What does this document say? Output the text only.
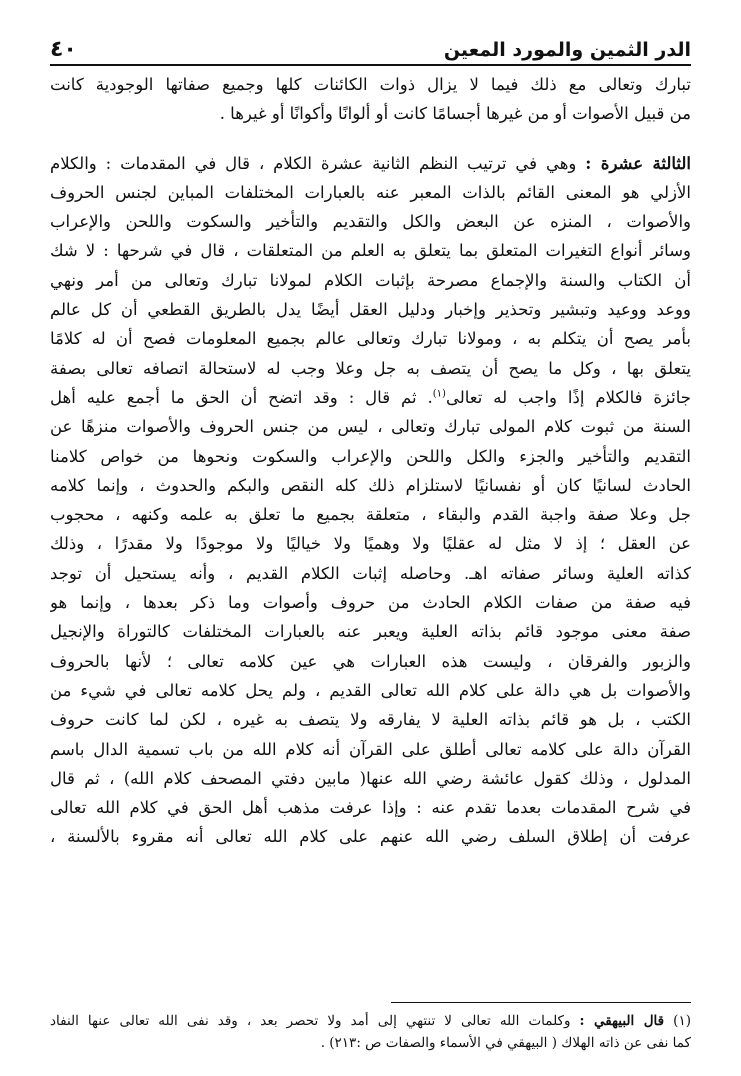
الدر الثمين والمورد المعين
٤٠

تبارك وتعالى مع ذلك فيما لا يزال ذوات الكائنات كلها وجميع صفاتها الوجودية كانت
من قبيل الأصوات أو من غيرها أجسامًا كانت أو ألوانًا وأكوانًا أو غيرها .

الثالثة عشرة : وهي في ترتيب النظم الثانية عشرة الكلام ، قال في المقدمات : والكلام
الأزلي هو المعنى القائم بالذات المعبر عنه بالعبارات المختلفات المباين لجنس الحروف
والأصوات ، المنزه عن البعض والكل والتقديم والتأخير والسكوت واللحن والإعراب
وسائر أنواع التغيرات المتعلق بما يتعلق به العلم من المتعلقات ، قال في شرحها : لا شك
أن الكتاب والسنة والإجماع مصرحة بإثبات الكلام لمولانا تبارك وتعالى من أمر ونهي
ووعد ووعيد وتبشير وتحذير وإخبار ودليل العقل أيضًا يدل بالطريق القطعي أن كل عالم
بأمر يصح أن يتكلم به ، ومولانا تبارك وتعالى عالم بجميع المعلومات فصح أن له كلامًا
يتعلق بها ، وكل ما يصح أن يتصف به جل وعلا وجب له لاستحالة اتصافه تعالى بصفة
جائزة فالكلام إذًا واجب له تعالى$^{(١)}$. ثم قال : وقد اتضح أن الحق ما أجمع عليه أهل
السنة من ثبوت كلام المولى تبارك وتعالى ، ليس من جنس الحروف والأصوات منزهًا عن
التقديم والتأخير والجزء والكل واللحن والإعراب والسكوت ونحوها من خواص كلامنا
الحادث لسانيًا كان أو نفسانيًا لاستلزام ذلك كله النقص والبكم والحدوث ، وإنما كلامه
جل وعلا صفة واجبة القدم والبقاء ، متعلقة بجميع ما تعلق به علمه وكنهه ، محجوب
عن العقل ؛ إذ لا مثل له عقليًا ولا وهميًا ولا خياليًا ولا موجودًا ولا مقدرًا ، وذلك
كذاته العلية وسائر صفاته اهـ. وحاصله إثبات الكلام القديم ، وأنه يستحيل أن توجد
فيه صفة من صفات الكلام الحادث من حروف وأصوات وما ذكر بعدها ، وإنما هو
صفة معنى موجود قائم بذاته العلية ويعبر عنه بالعبارات المختلفات كالتوراة والإنجيل
والزبور والفرقان ، وليست هذه العبارات هي عين كلامه تعالى ؛ لأنها بالحروف
والأصوات بل هي دالة على كلام الله تعالى القديم ، ولم يحل كلامه تعالى في شيء من
الكتب ، بل هو قائم بذاته العلية لا يفارقه ولا يتصف به غيره ، لكن لما كانت حروف
القرآن دالة على كلامه تعالى أطلق على القرآن أنه كلام الله من باب تسمية الدال باسم
المدلول ، وذلك كقول عائشة رضي الله عنها( مابين دفتي المصحف كلام الله) ، ثم قال
في شرح المقدمات بعدما تقدم عنه : وإذا عرفت مذهب أهل الحق في كلام الله تعالى
عرفت أن إطلاق السلف رضي الله عنهم على كلام الله تعالى أنه مقروء بالألسنة ،

(١) قال البيهقي : وكلمات الله تعالى لا تنتهي إلى أمد ولا تحصر بعد ، وقد نفى الله تعالى عنها النفاد
كما نفى عن ذاته الهلاك ( البيهقي في الأسماء والصفات ص :٢١٣) .
